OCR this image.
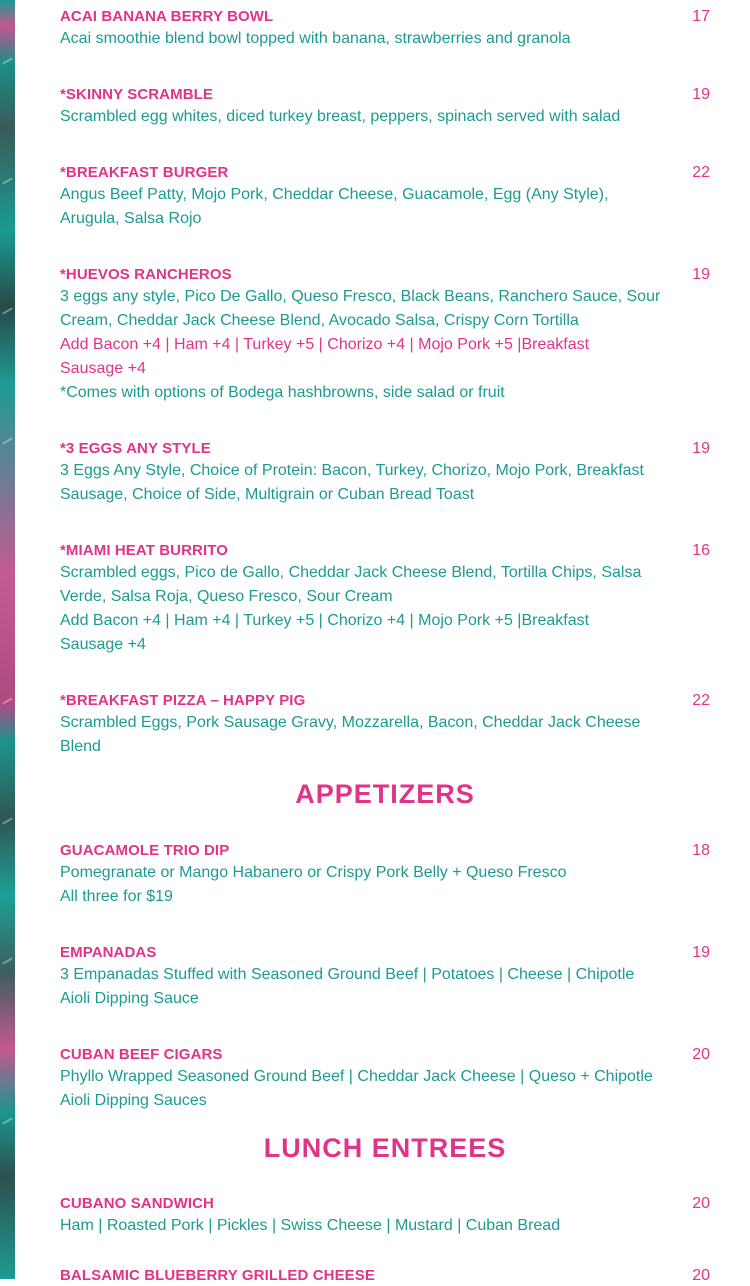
ACAI BANANA BERRY BOWL	17

Acai smoothie blend bowl topped with banana, strawberries and granola

*SKINNY SCRAMBLE	19

Scrambled egg whites, diced turkey breast, peppers, spinach served with salad

*BREAKFAST BURGER	22

Angus Beef Patty, Mojo Pork, Cheddar Cheese, Guacamole, Egg (Any Style),

Arugula, Salsa Rojo

*HUEVOS RANCHEROS	19

3 eggs any style, Pico De Gallo, Queso Fresco, Black Beans, Ranchero Sauce, Sour

Cream, Cheddar Jack Cheese Blend, Avocado Salsa, Crispy Corn Tortilla

Add Bacon +4 | Ham +4 | Turkey +5 | Chorizo +4 | Mojo Pork +5 |Breakfast

Sausage +4

*Comes with options of Bodega hashbrowns, side salad or fruit

*3 EGGS ANY STYLE	19

3 Eggs Any Style, Choice of Protein: Bacon, Turkey, Chorizo, Mojo Pork, Breakfast

Sausage, Choice of Side, Multigrain or Cuban Bread Toast

*MIAMI HEAT BURRITO	16

Scrambled eggs, Pico de Gallo, Cheddar Jack Cheese Blend, Tortilla Chips, Salsa

Verde, Salsa Roja, Queso Fresco, Sour Cream

Add Bacon +4 | Ham +4 | Turkey +5 | Chorizo +4 | Mojo Pork +5 |Breakfast

Sausage +4

*BREAKFAST PIZZA – HAPPY PIG	22

Scrambled Eggs, Pork Sausage Gravy, Mozzarella, Bacon, Cheddar Jack Cheese

Blend

APPETIZERS
GUACAMOLE TRIO DIP	18

Pomegranate or Mango Habanero or Crispy Pork Belly + Queso Fresco

All three for $19

EMPANADAS	19

3 Empanadas Stuffed with Seasoned Ground Beef | Potatoes | Cheese | Chipotle

Aioli Dipping Sauce

CUBAN BEEF CIGARS	20

Phyllo Wrapped Seasoned Ground Beef | Cheddar Jack Cheese | Queso + Chipotle

Aioli Dipping Sauces

LUNCH ENTREES
CUBANO SANDWICH	20

Ham | Roasted Pork | Pickles | Swiss Cheese | Mustard | Cuban Bread

BALSAMIC BLUEBERRY GRILLED CHEESE	20
